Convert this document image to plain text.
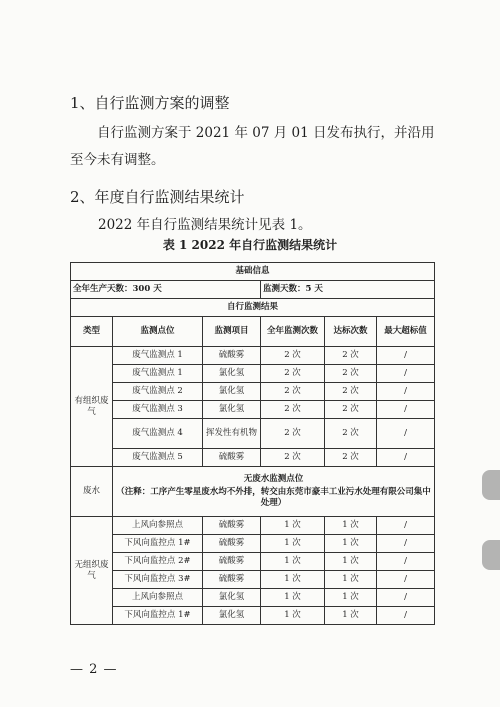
1、自行监测方案的调整
自行监测方案于 2021 年 07 月 01 日发布执行，并沿用至今未有调整。
2、年度自行监测结果统计
2022 年自行监测结果统计见表 1。
表 1 2022 年自行监测结果统计
基础信息					
全年生产天数：300 天			监测天数：5 天		
自行监测结果					
类型	监测点位	监测项目	全年监测次数	达标次数	最大超标值
有组织废气	废气监测点 1	硫酸雾	2 次	2 次	/
	废气监测点 1	氯化氢	2 次	2 次	/
	废气监测点 2	氯化氢	2 次	2 次	/
	废气监测点 3	氯化氢	2 次	2 次	/
	废气监测点 4	挥发性有机物	2 次	2 次	/
	废气监测点 5	硫酸雾	2 次	2 次	/
废水	无废水监测点位
（注释：工序产生零星废水均不外排，转交由东莞市豪丰工业污水处理有限公司集中处理）				

无组织废气	上风向参照点	硫酸雾	1 次	1 次	/
	下风向监控点 1#	硫酸雾	1 次	1 次	/
	下风向监控点 2#	硫酸雾	1 次	1 次	/
	下风向监控点 3#	硫酸雾	1 次	1 次	/
	上风向参照点	氯化氢	1 次	1 次	/
	下风向监控点 1#	氯化氢	1 次	1 次	/
— 2 —
